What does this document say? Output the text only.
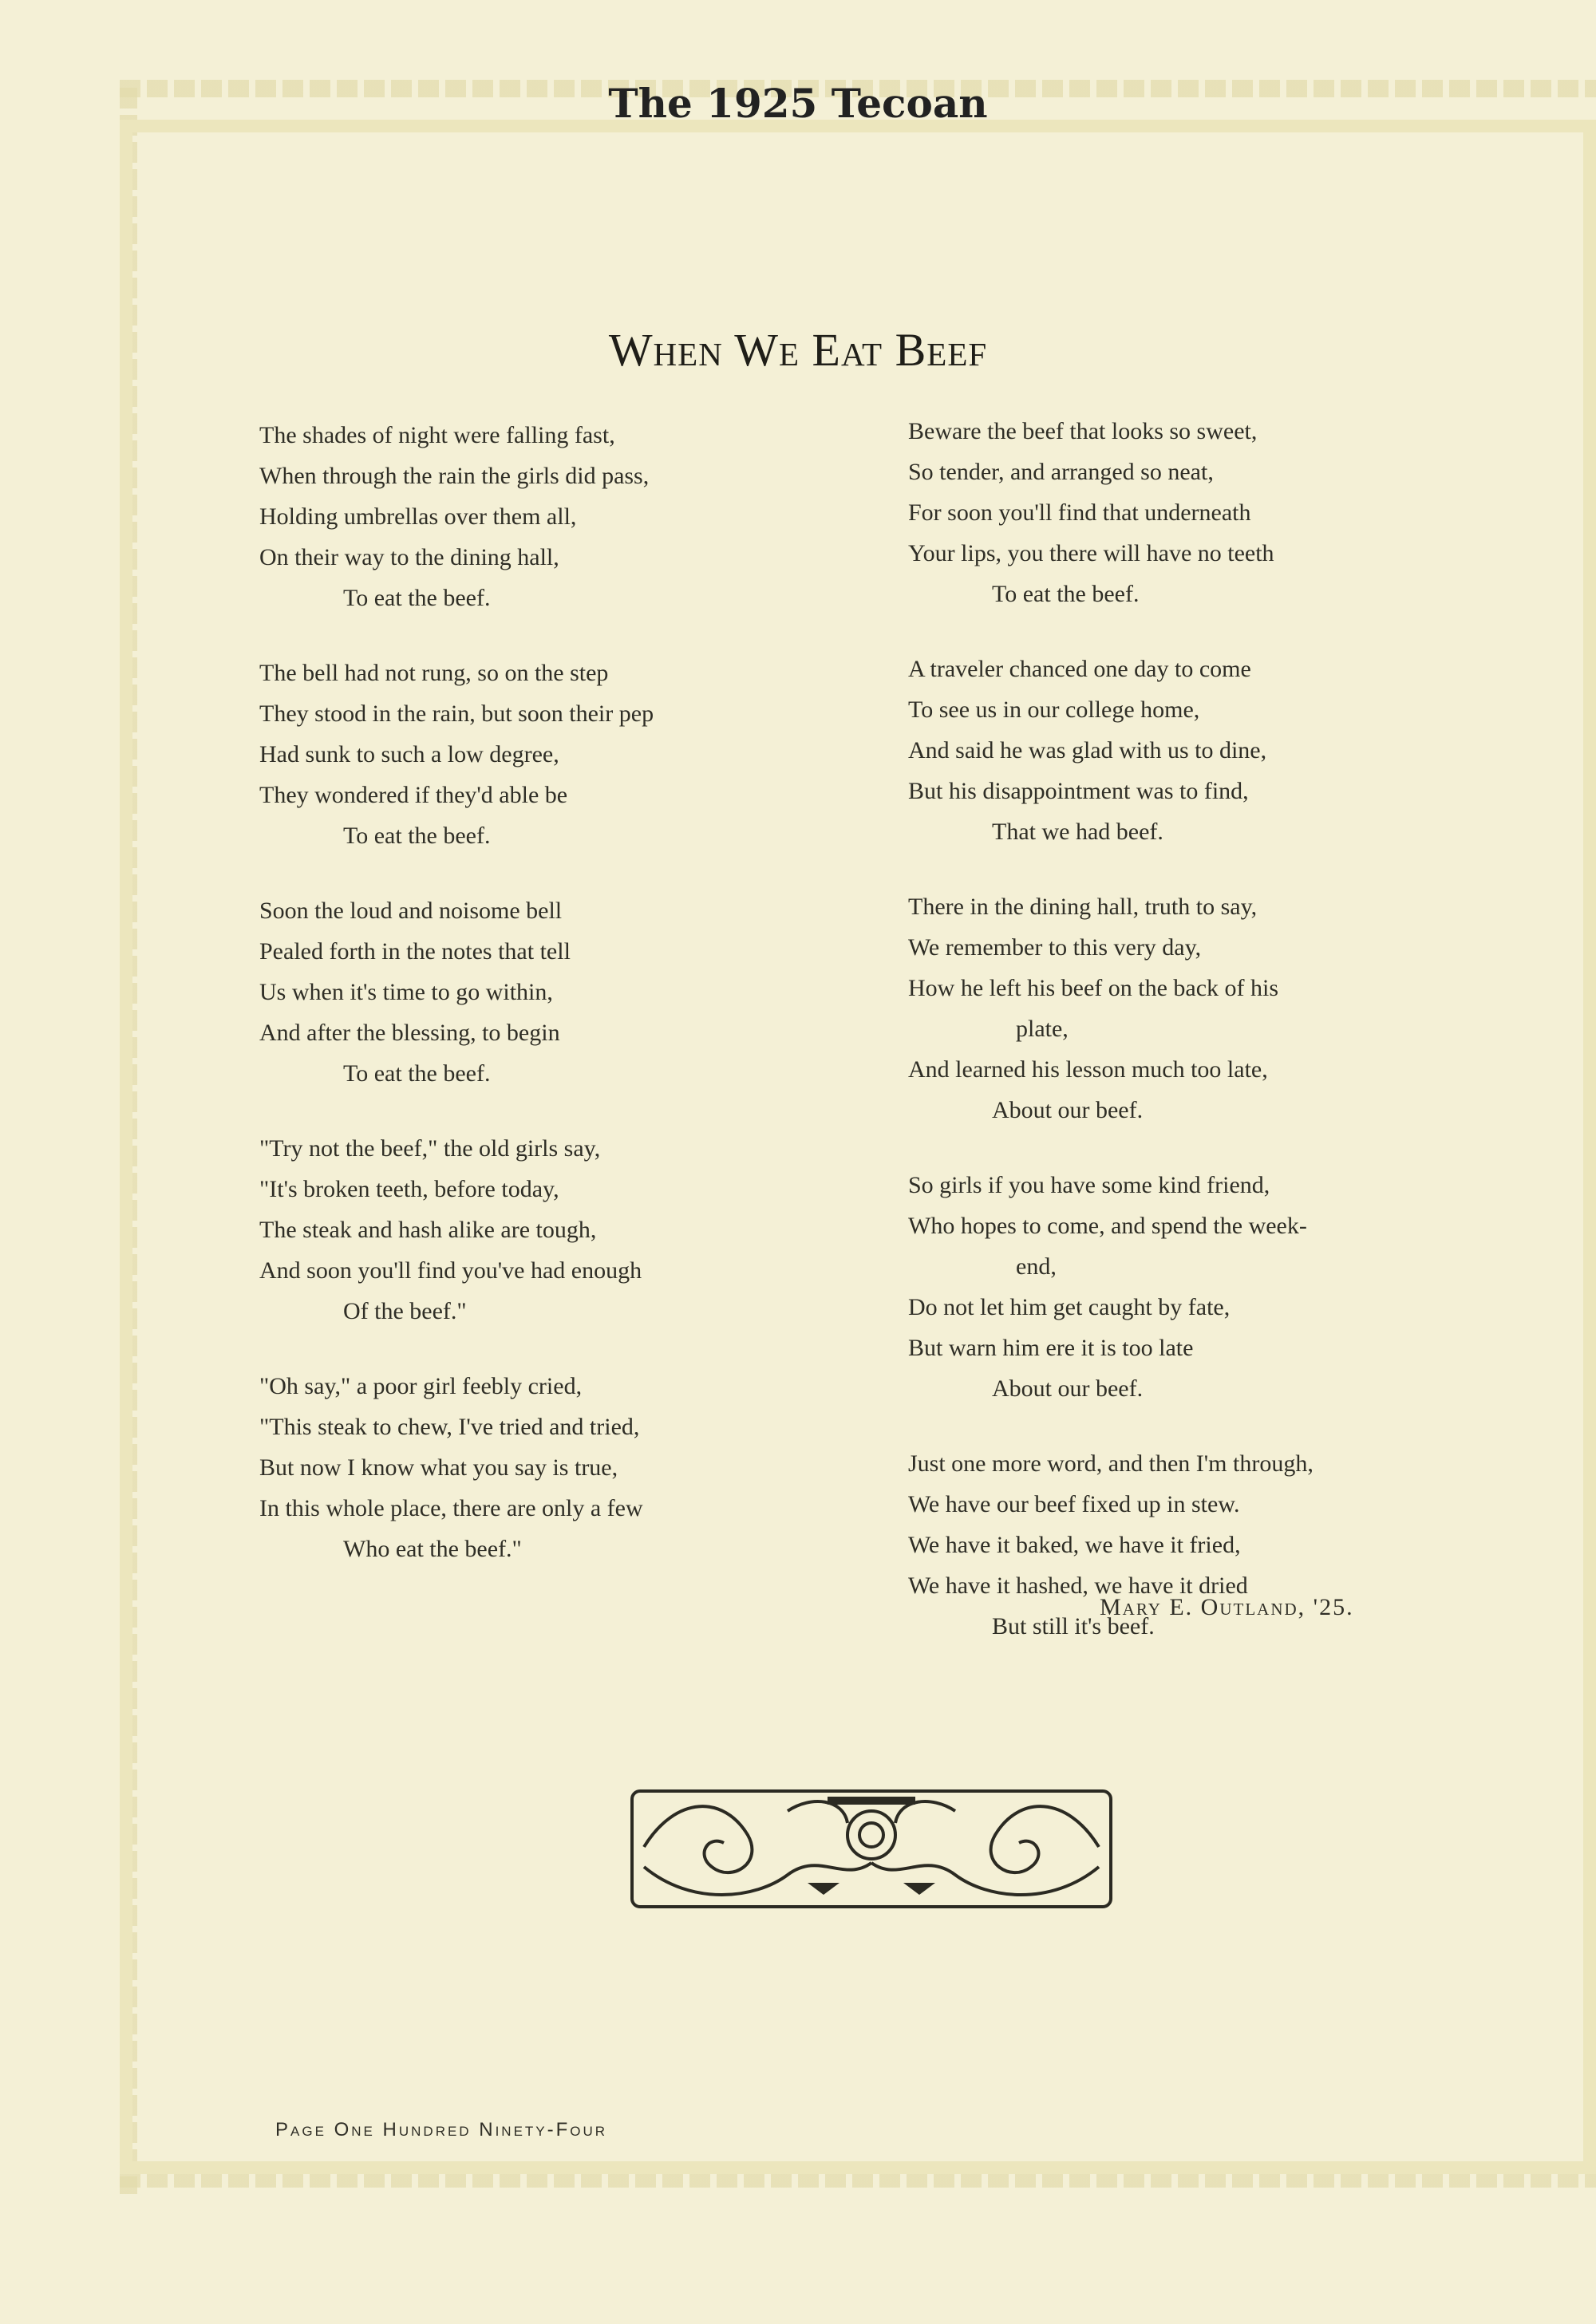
The 1925 Tecoan
When We Eat Beef
The shades of night were falling fast,
When through the rain the girls did pass,
Holding umbrellas over them all,
On their way to the dining hall,
To eat the beef.
The bell had not rung, so on the step
They stood in the rain, but soon their pep
Had sunk to such a low degree,
They wondered if they'd able be
To eat the beef.
Soon the loud and noisome bell
Pealed forth in the notes that tell
Us when it's time to go within,
And after the blessing, to begin
To eat the beef.
"Try not the beef," the old girls say,
"It's broken teeth, before today,
The steak and hash alike are tough,
And soon you'll find you've had enough
Of the beef."
"Oh say," a poor girl feebly cried,
"This steak to chew, I've tried and tried,
But now I know what you say is true,
In this whole place, there are only a few
Who eat the beef."
Beware the beef that looks so sweet,
So tender, and arranged so neat,
For soon you'll find that underneath
Your lips, you there will have no teeth
To eat the beef.
A traveler chanced one day to come
To see us in our college home,
And said he was glad with us to dine,
But his disappointment was to find,
That we had beef.
There in the dining hall, truth to say,
We remember to this very day,
How he left his beef on the back of his
plate,
And learned his lesson much too late,
About our beef.
So girls if you have some kind friend,
Who hopes to come, and spend the week-
end,
Do not let him get caught by fate,
But warn him ere it is too late
About our beef.
Just one more word, and then I'm through,
We have our beef fixed up in stew.
We have it baked, we have it fried,
We have it hashed, we have it dried
But still it's beef.
Mary E. Outland, '25.
Page One Hundred Ninety-Four
